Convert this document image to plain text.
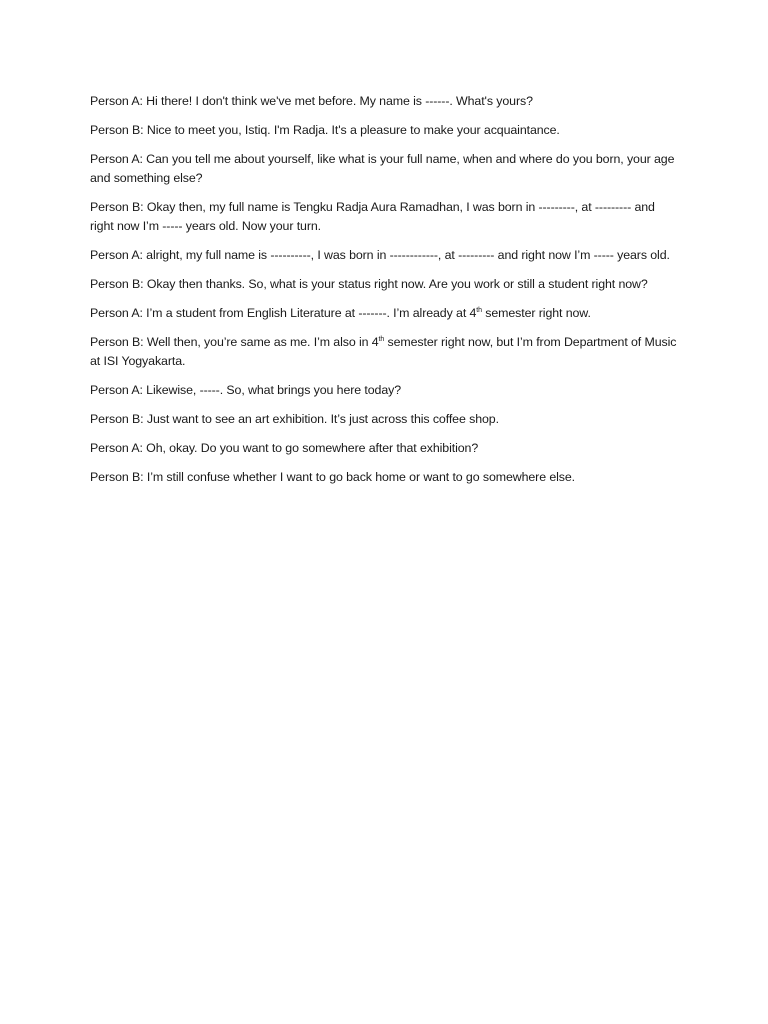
Person A: Hi there! I don't think we've met before. My name is ------. What's yours?

Person B: Nice to meet you, Istiq. I'm Radja. It's a pleasure to make your acquaintance.

Person A: Can you tell me about yourself, like what is your full name, when and where do you born, your age and something else?

Person B: Okay then, my full name is Tengku Radja Aura Ramadhan, I was born in ---------, at --------- and right now I’m ----- years old. Now your turn.

Person A: alright, my full name is ----------, I was born in ------------, at --------- and right now I’m ----- years old.

Person B: Okay then thanks. So, what is your status right now. Are you work or still a student right now?

Person A: I’m a student from English Literature at -------. I’m already at 4th semester right now.

Person B: Well then, you’re same as me. I’m also in 4th semester right now, but I’m from Department of Music at ISI Yogyakarta.

Person A: Likewise, -----. So, what brings you here today?

Person B: Just want to see an art exhibition. It’s just across this coffee shop.

Person A: Oh, okay. Do you want to go somewhere after that exhibition?

Person B: I’m still confuse whether I want to go back home or want to go somewhere else.
